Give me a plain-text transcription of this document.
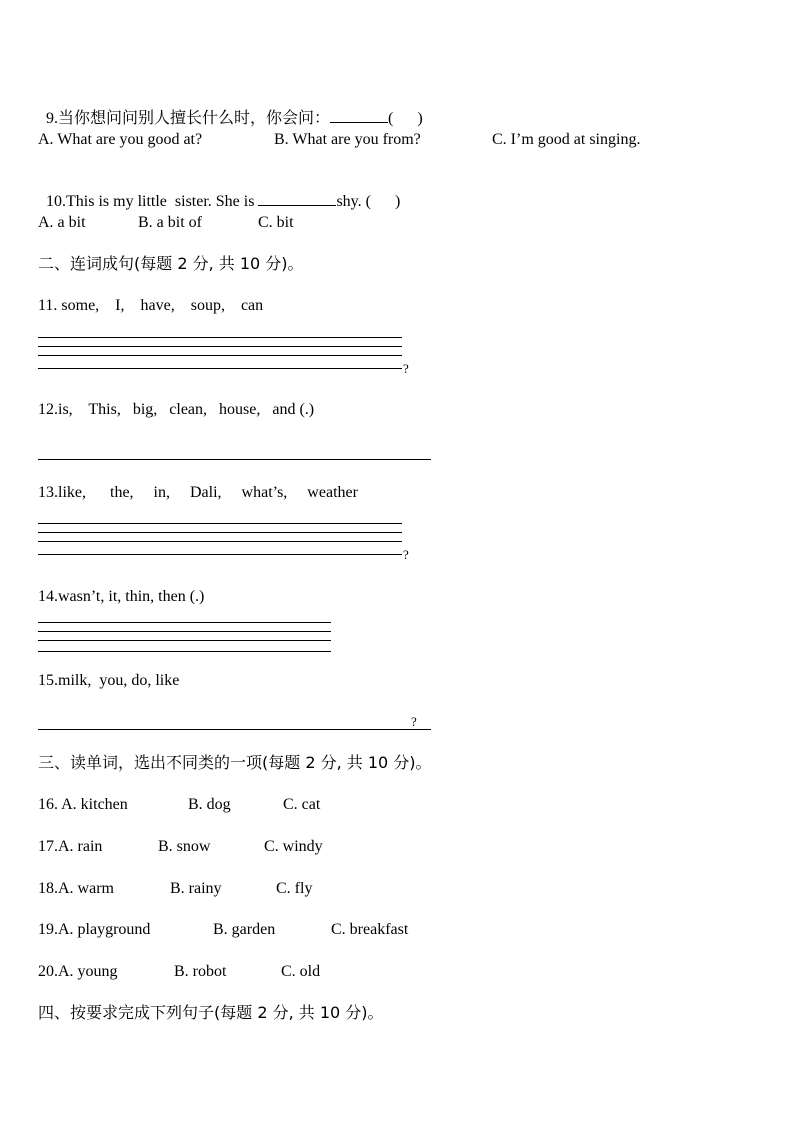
9.当你想问问别人擅长什么时，你会问：	(      )

A. What are you good at?	B. What are you from?	C. I’m good at singing.

10.This is my little  sister. She is	shy. (      )

A. a bit	B. a bit of	C. bit
二、连词成句(每题 2 分, 共 10 分)。
11. some,    I,    have,    soup,    can
?
12.is,    This,   big,   clean,   house,   and (.)
13.like,      the,     in,     Dali,     what’s,     weather
?
14.wasn’t, it, thin, then (.)
15.milk,  you, do, like
?
三、读单词，选出不同类的一项(每题 2 分, 共 10 分)。
16. A. kitchen	B. dog	C. cat
17.A. rain	B. snow	C. windy
18.A. warm	B. rainy	C. fly
19.A. playground	B. garden	C. breakfast
20.A. young	B. robot	C. old
四、按要求完成下列句子(每题 2 分, 共 10 分)。
